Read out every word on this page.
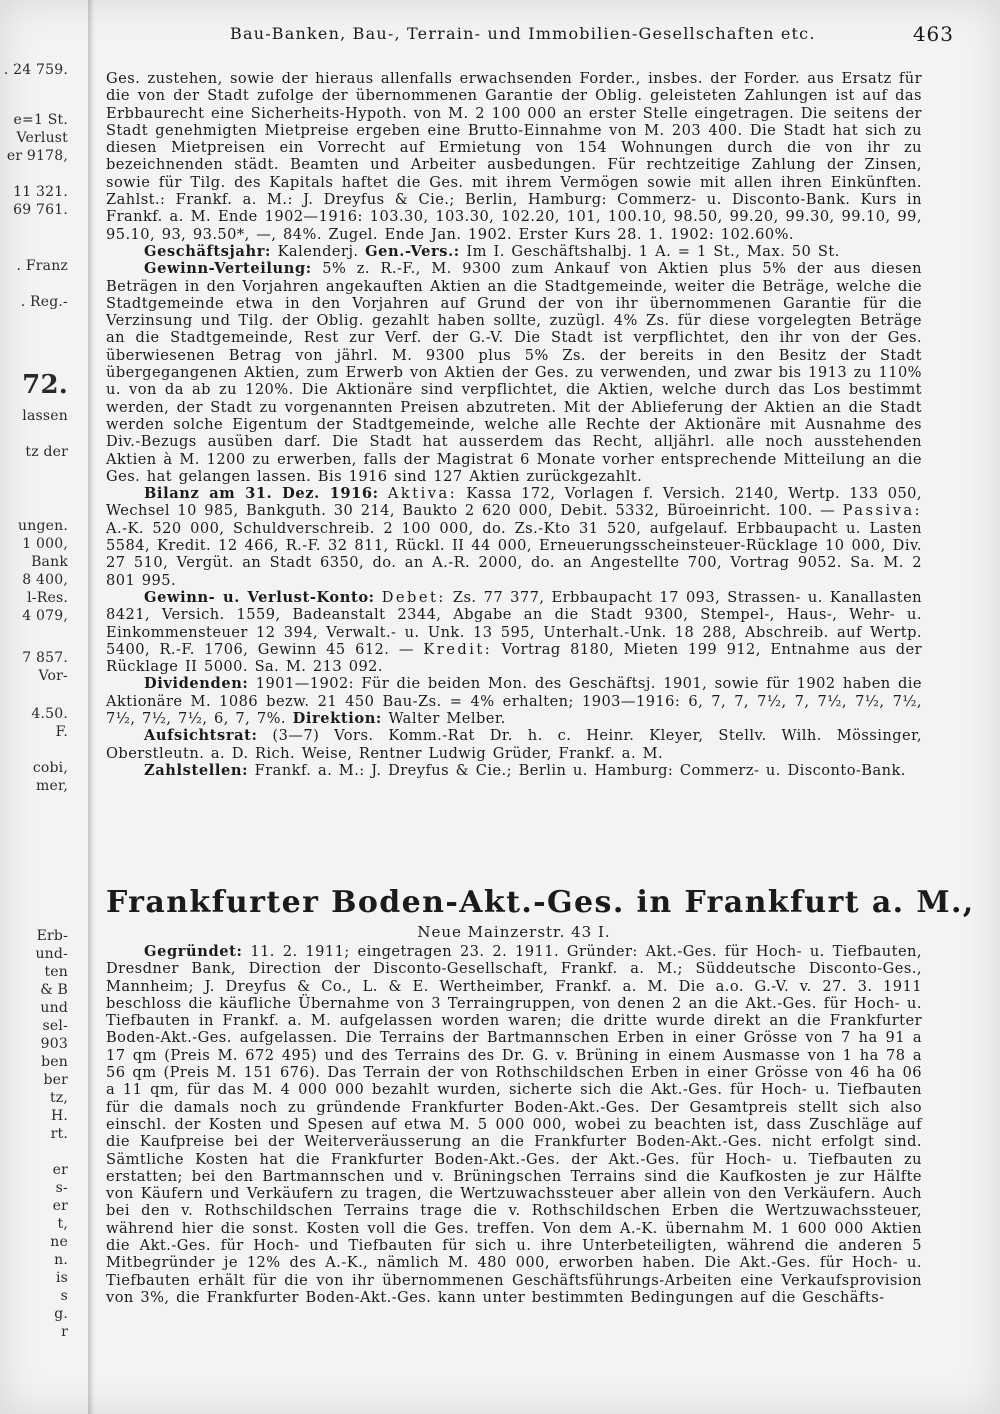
. 24 759.
e=1 St.
Verlust
er 9178,
11 321.
69 761.
. Franz
. Reg.-
72.
lassen
tz der
ungen.
1 000,
Bank
8 400,
l-Res.
4 079,
7 857.
Vor-
4.50.
F.
cobi,
mer,
Erb-
und-
ten
& B
und
sel-
903
ben
ber
tz,
H.
rt.
er
s-
er
t,
ne
n.
is
s
g.
r
Bau-Banken, Bau-, Terrain- und Immobilien-Gesellschaften etc.	463

Ges. zustehen, sowie der hieraus allenfalls erwachsenden Forder., insbes. der Forder. aus Ersatz für die von der Stadt zufolge der übernommenen Garantie der Oblig. geleisteten Zahlungen ist auf das Erbbaurecht eine Sicherheits-Hypoth. von M. 2 100 000 an erster Stelle eingetragen. Die seitens der Stadt genehmigten Mietpreise ergeben eine Brutto-Einnahme von M. 203 400. Die Stadt hat sich zu diesen Mietpreisen ein Vorrecht auf Ermietung von 154 Wohnungen durch die von ihr zu bezeichnenden städt. Beamten und Arbeiter ausbedungen. Für rechtzeitige Zahlung der Zinsen, sowie für Tilg. des Kapitals haftet die Ges. mit ihrem Vermögen sowie mit allen ihren Einkünften. Zahlst.: Frankf. a. M.: J. Dreyfus & Cie.; Berlin, Hamburg: Commerz- u. Disconto-Bank. Kurs in Frankf. a. M. Ende 1902—1916: 103.30, 103.30, 102.20, 101, 100.10, 98.50, 99.20, 99.30, 99.10, 99, 95.10, 93, 93.50*, —, 84%. Zugel. Ende Jan. 1902. Erster Kurs 28. 1. 1902: 102.60%.

Geschäftsjahr: Kalenderj. Gen.-Vers.: Im I. Geschäftshalbj. 1 A. = 1 St., Max. 50 St.

Gewinn-Verteilung: 5% z. R.-F., M. 9300 zum Ankauf von Aktien plus 5% der aus diesen Beträgen in den Vorjahren angekauften Aktien an die Stadtgemeinde, weiter die Beträge, welche die Stadtgemeinde etwa in den Vorjahren auf Grund der von ihr übernommenen Garantie für die Verzinsung und Tilg. der Oblig. gezahlt haben sollte, zuzügl. 4% Zs. für diese vorgelegten Beträge an die Stadtgemeinde, Rest zur Verf. der G.-V. Die Stadt ist verpflichtet, den ihr von der Ges. überwiesenen Betrag von jährl. M. 9300 plus 5% Zs. der bereits in den Besitz der Stadt übergegangenen Aktien, zum Erwerb von Aktien der Ges. zu verwenden, und zwar bis 1913 zu 110% u. von da ab zu 120%. Die Aktionäre sind verpflichtet, die Aktien, welche durch das Los bestimmt werden, der Stadt zu vorgenannten Preisen abzutreten. Mit der Ablieferung der Aktien an die Stadt werden solche Eigentum der Stadtgemeinde, welche alle Rechte der Aktionäre mit Ausnahme des Div.-Bezugs ausüben darf. Die Stadt hat ausserdem das Recht, alljährl. alle noch ausstehenden Aktien à M. 1200 zu erwerben, falls der Magistrat 6 Monate vorher entsprechende Mitteilung an die Ges. hat gelangen lassen. Bis 1916 sind 127 Aktien zurückgezahlt.

Bilanz am 31. Dez. 1916: Aktiva: Kassa 172, Vorlagen f. Versich. 2140, Wertp. 133 050, Wechsel 10 985, Bankguth. 30 214, Baukto 2 620 000, Debit. 5332, Büroeinricht. 100. — Passiva: A.-K. 520 000, Schuldverschreib. 2 100 000, do. Zs.-Kto 31 520, aufgelauf. Erbbaupacht u. Lasten 5584, Kredit. 12 466, R.-F. 32 811, Rückl. II 44 000, Erneuerungsscheinsteuer-Rücklage 10 000, Div. 27 510, Vergüt. an Stadt 6350, do. an A.-R. 2000, do. an Angestellte 700, Vortrag 9052. Sa. M. 2 801 995.

Gewinn- u. Verlust-Konto: Debet: Zs. 77 377, Erbbaupacht 17 093, Strassen- u. Kanallasten 8421, Versich. 1559, Badeanstalt 2344, Abgabe an die Stadt 9300, Stempel-, Haus-, Wehr- u. Einkommensteuer 12 394, Verwalt.- u. Unk. 13 595, Unterhalt.-Unk. 18 288, Abschreib. auf Wertp. 5400, R.-F. 1706, Gewinn 45 612. — Kredit: Vortrag 8180, Mieten 199 912, Entnahme aus der Rücklage II 5000. Sa. M. 213 092.

Dividenden: 1901—1902: Für die beiden Mon. des Geschäftsj. 1901, sowie für 1902 haben die Aktionäre M. 1086 bezw. 21 450 Bau-Zs. = 4% erhalten; 1903—1916: 6, 7, 7, 7½, 7, 7½, 7½, 7½, 7½, 7½, 7½, 6, 7, 7%. Direktion: Walter Melber.

Aufsichtsrat: (3—7) Vors. Komm.-Rat Dr. h. c. Heinr. Kleyer, Stellv. Wilh. Mössinger, Oberstleutn. a. D. Rich. Weise, Rentner Ludwig Grüder, Frankf. a. M.

Zahlstellen: Frankf. a. M.: J. Dreyfus & Cie.; Berlin u. Hamburg: Commerz- u. Disconto-Bank.

Frankfurter Boden-Akt.-Ges. in Frankfurt a. M.,
Neue Mainzerstr. 43 I.

Gegründet: 11. 2. 1911; eingetragen 23. 2. 1911. Gründer: Akt.-Ges. für Hoch- u. Tiefbauten, Dresdner Bank, Direction der Disconto-Gesellschaft, Frankf. a. M.; Süddeutsche Disconto-Ges., Mannheim; J. Dreyfus & Co., L. & E. Wertheimber, Frankf. a. M. Die a.o. G.-V. v. 27. 3. 1911 beschloss die käufliche Übernahme von 3 Terraingruppen, von denen 2 an die Akt.-Ges. für Hoch- u. Tiefbauten in Frankf. a. M. aufgelassen worden waren; die dritte wurde direkt an die Frankfurter Boden-Akt.-Ges. aufgelassen. Die Terrains der Bartmannschen Erben in einer Grösse von 7 ha 91 a 17 qm (Preis M. 672 495) und des Terrains des Dr. G. v. Brüning in einem Ausmasse von 1 ha 78 a 56 qm (Preis M. 151 676). Das Terrain der von Rothschildschen Erben in einer Grösse von 46 ha 06 a 11 qm, für das M. 4 000 000 bezahlt wurden, sicherte sich die Akt.-Ges. für Hoch- u. Tiefbauten für die damals noch zu gründende Frankfurter Boden-Akt.-Ges. Der Gesamtpreis stellt sich also einschl. der Kosten und Spesen auf etwa M. 5 000 000, wobei zu beachten ist, dass Zuschläge auf die Kaufpreise bei der Weiterveräusserung an die Frankfurter Boden-Akt.-Ges. nicht erfolgt sind. Sämtliche Kosten hat die Frankfurter Boden-Akt.-Ges. der Akt.-Ges. für Hoch- u. Tiefbauten zu erstatten; bei den Bartmannschen und v. Brüningschen Terrains sind die Kaufkosten je zur Hälfte von Käufern und Verkäufern zu tragen, die Wertzuwachssteuer aber allein von den Verkäufern. Auch bei den v. Rothschildschen Terrains trage die v. Rothschildschen Erben die Wertzuwachssteuer, während hier die sonst. Kosten voll die Ges. treffen. Von dem A.-K. übernahm M. 1 600 000 Aktien die Akt.-Ges. für Hoch- und Tiefbauten für sich u. ihre Unterbeteiligten, während die anderen 5 Mitbegründer je 12% des A.-K., nämlich M. 480 000, erworben haben. Die Akt.-Ges. für Hoch- u. Tiefbauten erhält für die von ihr übernommenen Geschäftsführungs-Arbeiten eine Verkaufsprovision von 3%, die Frankfurter Boden-Akt.-Ges. kann unter bestimmten Bedingungen auf die Geschäfts-
